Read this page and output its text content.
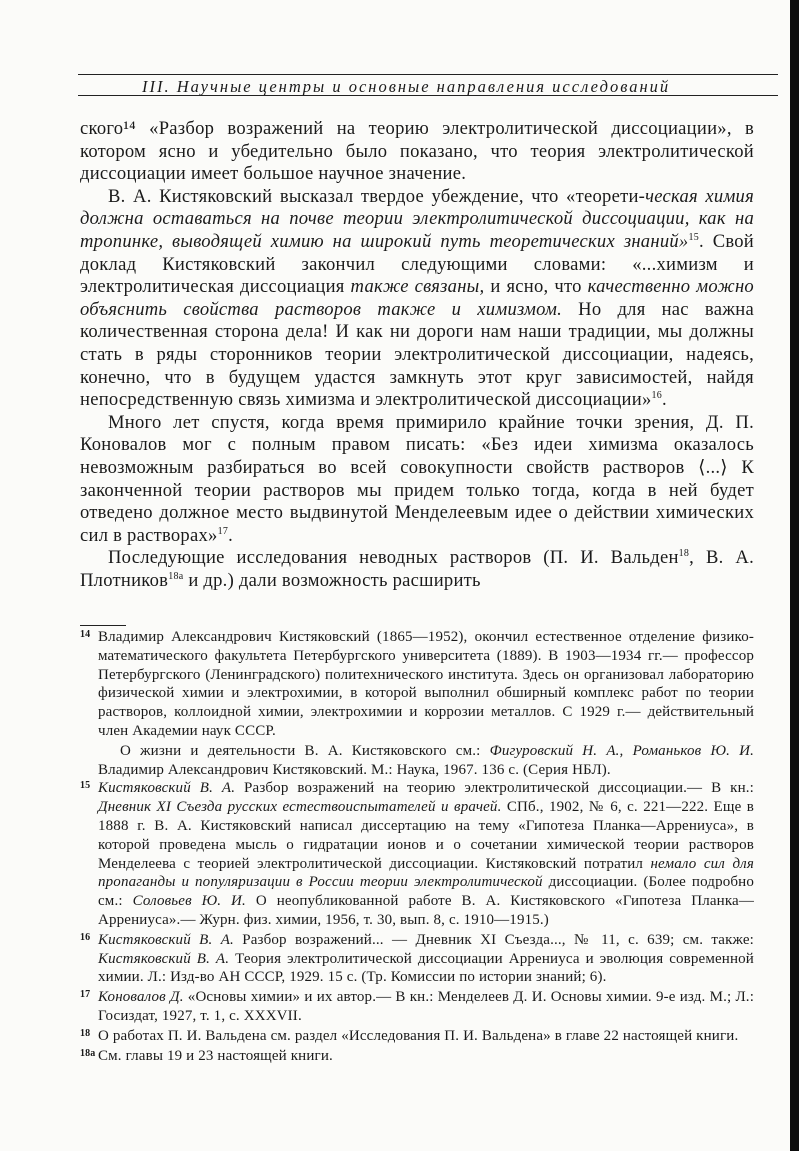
III. Научные центры и основные направления исследований

ского¹⁴ «Разбор возражений на теорию электролитической диссоциации», в котором ясно и убедительно было показано, что теория электролитической диссоциации имеет большое научное значение.

В. А. Кистяковский высказал твердое убеждение, что «теорети-ческая химия должна оставаться на почве теории электролитической диссоциации, как на тропинке, выводящей химию на широкий путь теоретических знаний»$^{15}$. Свой доклад Кистяковский закончил следующими словами: «...химизм и электролитическая диссоциация также связаны, и ясно, что качественно можно объяснить свойства растворов также и химизмом. Но для нас важна количественная сторона дела! И как ни дороги нам наши традиции, мы должны стать в ряды сторонников теории электролитической диссоциации, надеясь, конечно, что в будущем удастся замкнуть этот круг зависимостей, найдя непосредственную связь химизма и электролитической диссоциации»$^{16}$.

Много лет спустя, когда время примирило крайние точки зрения, Д. П. Коновалов мог с полным правом писать: «Без идеи химизма оказалось невозможным разбираться во всей совокупности свойств растворов ⟨...⟩ К законченной теории растворов мы придем только тогда, когда в ней будет отведено должное место выдвинутой Менделеевым идее о действии химических сил в растворах»$^{17}$.

Последующие исследования неводных растворов (П. И. Вальден$^{18}$, В. А. Плотников$^{18а}$ и др.) дали возможность расширить

14 Владимир Александрович Кистяковский (1865—1952), окончил естественное отделение физико-математического факультета Петербургского университета (1889). В 1903—1934 гг.— профессор Петербургского (Ленинградского) политехнического института. Здесь он организовал лабораторию физической химии и электрохимии, в которой выполнил обширный комплекс работ по теории растворов, коллоидной химии, электрохимии и коррозии металлов. С 1929 г.— действительный член Академии наук СССР.

О жизни и деятельности В. А. Кистяковского см.: Фигуровский Н. А., Романьков Ю. И. Владимир Александрович Кистяковский. М.: Наука, 1967. 136 с. (Серия НБЛ).

15 Кистяковский В. А. Разбор возражений на теорию электролитической диссоциации.— В кн.: Дневник XI Съезда русских естествоиспытателей и врачей. СПб., 1902, № 6, с. 221—222. Еще в 1888 г. В. А. Кистяковский написал диссертацию на тему «Гипотеза Планка—Аррениуса», в которой проведена мысль о гидратации ионов и о сочетании химической теории растворов Менделеева с теорией электролитической диссоциации. Кистяковский потратил немало сил для пропаганды и популяризации в России теории электролитической диссоциации. (Более подробно см.: Соловьев Ю. И. О неопубликованной работе В. А. Кистяковского «Гипотеза Планка—Аррениуса».— Журн. физ. химии, 1956, т. 30, вып. 8, с. 1910—1915.)
16 Кистяковский В. А. Разбор возражений... — Дневник XI Съезда..., № 11, с. 639; см. также: Кистяковский В. А. Теория электролитической диссоциации Аррениуса и эволюция современной химии. Л.: Изд-во АН СССР, 1929. 15 с. (Тр. Комиссии по истории знаний; 6).
17 Коновалов Д. «Основы химии» и их автор.— В кн.: Менделеев Д. И. Основы химии. 9-е изд. М.; Л.: Госиздат, 1927, т. 1, с. XXXVII.
18 О работах П. И. Вальдена см. раздел «Исследования П. И. Вальдена» в главе 22 настоящей книги.
18а См. главы 19 и 23 настоящей книги.
